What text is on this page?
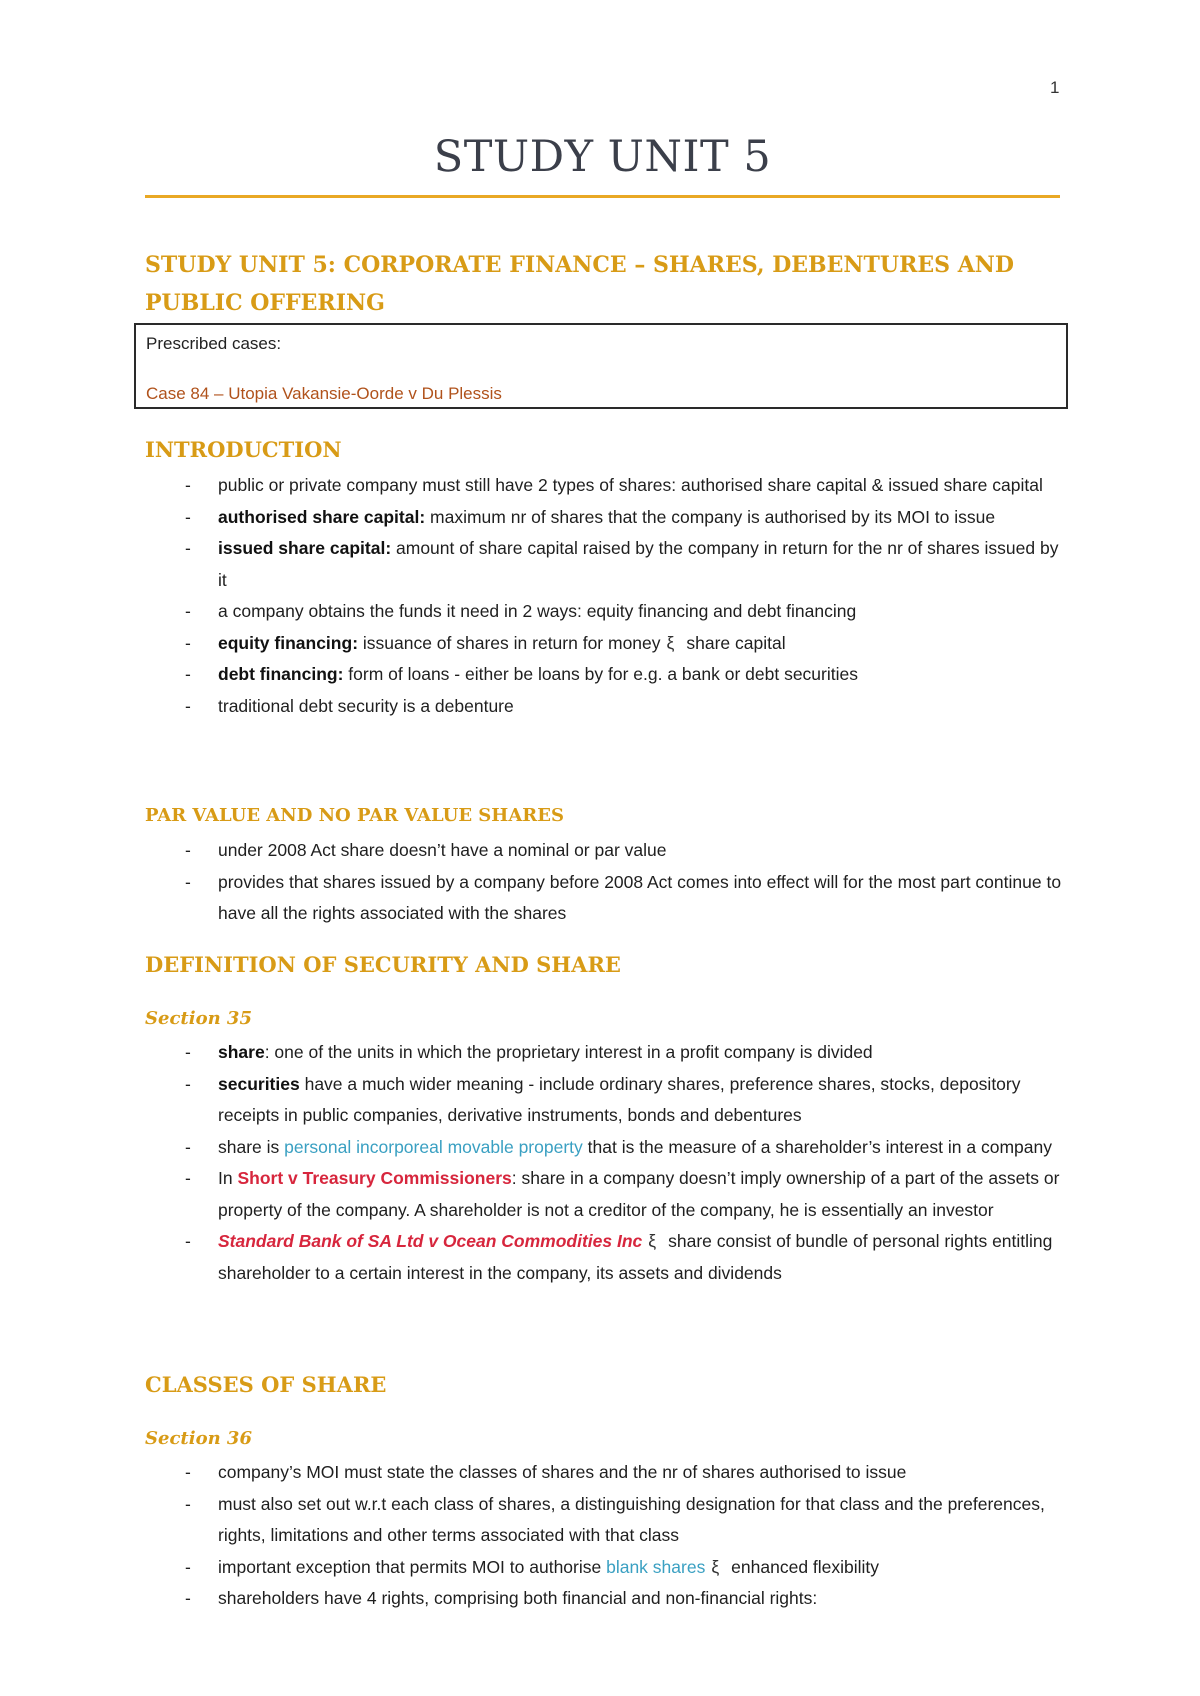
1
STUDY UNIT 5
STUDY UNIT 5: CORPORATE FINANCE – SHARES, DEBENTURES AND PUBLIC OFFERING
Prescribed cases:
Case 84 – Utopia Vakansie-Oorde v Du Plessis
INTRODUCTION
- public or private company must still have 2 types of shares: authorised share capital & issued share capital
- authorised share capital: maximum nr of shares that the company is authorised by its MOI to issue
- issued share capital: amount of share capital raised by the company in return for the nr of shares issued by it
- a company obtains the funds it need in 2 ways: equity financing and debt financing
- equity financing: issuance of shares in return for money ξ share capital
- debt financing: form of loans - either be loans by for e.g. a bank or debt securities
- traditional debt security is a debenture
PAR VALUE AND NO PAR VALUE SHARES
- under 2008 Act share doesn’t have a nominal or par value
- provides that shares issued by a company before 2008 Act comes into effect will for the most part continue to have all the rights associated with the shares
DEFINITION OF SECURITY AND SHARE
Section 35
- share: one of the units in which the proprietary interest in a profit company is divided
- securities have a much wider meaning - include ordinary shares, preference shares, stocks, depository receipts in public companies, derivative instruments, bonds and debentures
- share is personal incorporeal movable property that is the measure of a shareholder’s interest in a company
- In Short v Treasury Commissioners: share in a company doesn’t imply ownership of a part of the assets or property of the company. A shareholder is not a creditor of the company, he is essentially an investor
- Standard Bank of SA Ltd v Ocean Commodities Inc ξ share consist of bundle of personal rights entitling shareholder to a certain interest in the company, its assets and dividends
CLASSES OF SHARE
Section 36
- company’s MOI must state the classes of shares and the nr of shares authorised to issue
- must also set out w.r.t each class of shares, a distinguishing designation for that class and the preferences, rights, limitations and other terms associated with that class
- important exception that permits MOI to authorise blank shares ξ enhanced flexibility
- shareholders have 4 rights, comprising both financial and non-financial rights:
